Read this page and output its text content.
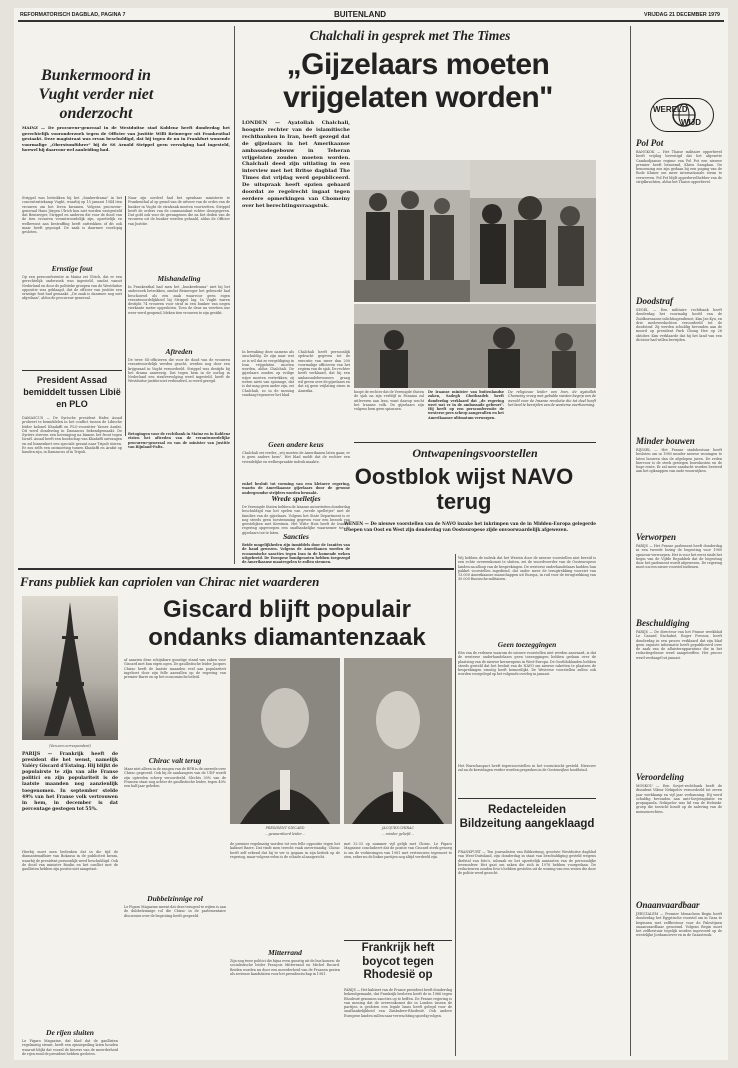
REFORMATORISCH DAGBLAD, PAGINA 7	BUITENLAND	VRIJDAG 21 DECEMBER 1979
Bunkermoord in Vught verder niet onderzocht
MAINZ — De procureur-generaal in de Westduitse stad Koblenz heeft donderdag het gerechtelijk vooronderzoek tegen de Officier van Justitie Willi Beinweger uit Frankenthal gestaakt. Deze magistraat was ervan beschuldigd, dat hij tegen de nu in Frankfurt wonende voormalige „Oberstumführer" bij de SS Arnold Strippel geen vervolging had ingesteld, hoewel hij daarvoor wel aanleiding had.
Strippel was betrokken bij het „bunkerdrama" in het concentratiekamp Vught, waarbij op 15 januari 1944 tien vrouwen om het leven kwamen. Volgens procureur-generaal Hans Jürgen Ulrich kon niet worden vastgesteld dat Beinweger, Strippel en anderen die voor de dood van de tien vrouwen verantwoordelijk zijn, opzettelijk en welbewust aan bestraffing heeft onttrokken of dit ook maar heeft gepoogd. De zaak is daarmee voorlopig gesloten.
Ernstige fout
Op een persconferentie in Mainz zei Ulrich, dat er een gerechtelijk onderzoek was ingesteld, omdat vanuit Nederland en door de politieke groepen van de Westduitse oppositie was geklaagd, dat de officier van justitie een ernstige fout had gemaakt. „De zaak is daarmee nog niet afgedaan", aldus de procureur-generaal.
Naar zijn oordeel had het openbaar ministerie te Frankenthal al op grond van de uitvoer van de ordes van de bunker in Vught de strafzaak moeten voortzetten. Strippel heeft de orders van de commandant echter doorgegeven. Dat gold ook voor de gevangenen die na het doden van de vrouwen uit de bunker werden gehaald, aldus de Officier van Justitie.
Mishandeling
In Frankenthal had men het „bunkerdrama" niet bij het onderzoek betrokken, omdat Beinweger het gebeurde had beschouwd als een zaak waarvoor geen eigen verantwoordelijkheid bij Strippel lag. In Vught waren destijds 74 vrouwen voor straf in een bunker van negen vierkante meter opgesloten. Toen de deur na veertien uur weer werd geopend, bleken tien vrouwen te zijn gestikt.
Aftreden
De twee SS-officieren die voor de dood van de vrouwen verantwoordelijk werden geacht, werden nog door een krijgsraad in Vught veroordeeld. Strippel was destijds bij het drama aanwezig. Dat tegen hem in de oorlog in Nederland een strafvervolging werd ingesteld, heeft de Westduitse justitie niet verhinderd, zo werd gezegd.
Betogingen voor de rechtbank in Mainz en in Koblenz eisten het aftreden van de verantwoordelijke procureur-generaal en van de minister van Justitie van Rijnland-Palts.
President Assad bemiddelt tussen Libië en PLO
DAMASCUS — De Syrische president Hafez Assad probeert te bemiddelen in het conflict tussen de Libische leider kolonel Khadaffi en PLO-voorzitter Yasser Arafat. Dit werd donderdag in Damascus bekendgemaakt. De Syriërs streven een hereniging na binnen het front tegen Israël. Assad heeft een boodschap van Khadaffi ontvangen en zal binnenkort een speciale gezant naar Tripoli sturen. Er zou zelfs een ontmoeting tussen Khadaffi en Arafat op handen zijn, in Damascus of in Tripoli.
Chalchali in gesprek met The Times
„Gijzelaars moeten vrijgelaten worden"
LONDEN — Ayatollah Chalchali, hoogste rechter van de islamitische rechtbanken in Iran, heeft gezegd dat de gijzelaars in het Amerikaanse ambassadegebouw in Teheran vrijgelaten zouden moeten worden. Chalchali deed zijn uitlating in een interview met het Britse dagblad The Times dat vrijdag werd gepubliceerd. De uitspraak heeft opzien gebaard doordat ze regelrecht ingaat tegen eerdere opmerkingen van Chomeiny over het berechtingsvraagstuk.
In bewaking deze namens als onschuldig. Ze zijn naar wat zo is wil dat ze vergeldiging in Iran vrijgelaten moeten worden, aldus Chalchali. De gijzelaars zouden op veilige wijze moeten vertrekken; zij weten niets van spionage, dat is dat mag geen ander zijn, zei Chalchali, zo in de mening vandaag tegenover het blad.
Chalchali heeft persoonlijk opdracht gegeven tot de executie van meer dan 200 voormalige officieren van het regiem van de sjah. De rechter heeft verklaard, dat hij een ambassadebewoners graag wil geven over de gijzelaars en dat zij geen vrijlating eisen in Amerika.
Geen andere keus
Chalchali zei verder, „wij moeten de Amerikanen laten gaan; er is geen andere keus". Het blad meldt dat de rechter een vriendelijke en welbespraakte indruk maakte.
hoopt de rechter dat de Verenigde Staten de sjah na zijn verblijf in Panama zal uitleveren aan Iran, want daarop wacht het Iraanse volk. De gijzelaars zijn volgens hem geen spionnen.
De Iraanse minister van buitenlandse zaken, Sadegh Ghotbzadeh heeft donderdag verklaard dat „de regering weet wat er in de ambassade gebeurt". Hij heeft op een persconferentie de westerse pers scherp aangevallen en het Amerikaanse ultimatum verworpen.
De religieuze leider van Iran, de ayatollah Chomeiny vroeg met gebalde vuisten begrip van de wereld voor de Iraanse revolutie die tot doel heeft het land te bevrijden van de westerse overheersing.
Ontwapeningsvoorstellen
Oostblok wijst NAVO terug
WENEN — De nieuwe voorstellen van de NAVO inzake het inkrimpen van de in Midden-Europa gelegerde troepen van Oost en West zijn donderdag van Oosteuropese zijde onvoorwaardelijk afgewezen.
Wij hebben de indruk dat het Westen door de nieuwe voorstellen niet bereid is een echte overeenkomst te sluiten, zei de woordvoerder van de Oosteuropese landen na afloop van de besprekingen. De westerse onderhandelaars hadden hun pakket voorstellen ingediend, dat onder meer de terugtrekking voorziet van 13.000 Amerikaanse manschappen uit Europa, in ruil voor de terugtrekking van 30.000 Russische militairen.
Geen toezeggingen
Eén van de redenen waarom de nieuwe voorstellen niet werden aanvaard, is dat de westerse onderhandelaars geen toezeggingen hebben gedaan over de plaatsing van de nieuwe kernwapens in West-Europa. De Oostbloklanden hebben steeds gesteld dat het besluit van de NAVO om nieuwe raketten te plaatsen de besprekingen ernstig heeft bemoeilijkt. De Westerse voorstellen zullen ook worden voorgelegd op het volgende overleg in januari.
Het Warschaupact heeft tegenvoorstellen in het vooruitzicht gesteld. Hierover zal na de kerstdagen verder worden gesproken in de Oostenrijkse hoofdstad.
WERELD
WIJD
Pol Pot
BANGKOK — Het Thaise militaire opperbevel heeft vrijdag bevestigd dat het afgezette Cambodjaanse regime van Pol Pot een nieuwe premier heeft benoemd, Khieu Samphan. De benoeming zou zijn gedaan bij een poging van de Rode Khmer om meer internationale steun te verwerven. Pol Pot blijft opperbevelhebber van de strijdkrachten, aldus het Thaise opperbevel.
Doodstraf
SEOEL — Een militaire rechtbank heeft donderdag het voormalig hoofd van de Zuidkoreaanse inlichtingendienst, Kim Jae Kyu, en drie medeverdachten veroordeeld tot de doodstraf. Zij werden schuldig bevonden aan de moord op president Park Chung Hee op 26 oktober. Kim verklaarde dat hij het land van een dictator had willen bevrijden.
Minder bouwen
RIJSSEL — Het Franse stadsbestuur heeft besloten om in 1980 minder nieuwe woningen te laten bouwen dan de afgelopen jaren. De reden hiervoor is de sterk gestegen bouwkosten en de hoge rente. Er zal meer aandacht worden besteed aan het opknappen van oude woonwijken.
Verworpen
PARIJS — Het Franse parlement heeft donderdag in een tweede lezing de begroting voor 1980 opnieuw verworpen. Het is voor het eerst sinds het begin van de Vijfde Republiek dat de begroting door het parlement wordt afgewezen. De regering moet nu een nieuw voorstel indienen.
Beschuldiging
PARIJS — De directeur van het Franse weekblad Le Canard Enchaîné, Roger Fressoz, heeft donderdag in een proces verklaard dat zijn blad geen onjuiste informatie heeft gepubliceerd over de zaak van de afluisterapparatuur die in het redactiegebouw werd aangetroffen. Het proces werd verdaagd tot januari.
Veroordeling
MOSKOU — Een Sovjet-rechtbank heeft de dissident Viktor Nekipelov veroordeeld tot zeven jaar werkkamp en vijf jaar verbanning. Hij werd schuldig bevonden aan anti-Sovjetagitatie en propaganda. Nekipelov was lid van de Helsinki-groep die toezicht houdt op de naleving van de mensenrechten.
Onaanvaardbaar
JERUZALEM — Premier Menachem Begin heeft donderdag het Egyptische voorstel om in Gaza te beginnen met zelfbestuur voor de Palestijnen onaanvaardbaar genoemd. Volgens Begin moet het zelfbestuur tegelijk worden ingevoerd op de westelijke Jordaanoever en in de Gazastrook.
Frans publiek kan capriolen van Chirac niet waarderen
Giscard blijft populair ondanks diamantenzaak
(Van een correspondent)
PARIJS — Frankrijk heeft de president die het wenst, namelijk Valéry Giscard d'Estaing. Hij blijkt de populairste te zijn van alle Franse politici en zijn populariteit is de laatste maanden nog aanzienlijk toegenomen. In september stelde 49% van het Franse volk vertrouwen in hem, in december is dat percentage gestegen tot 55%.
Hierbij moet men bedenken dat in die tijd de diamantenaffaire van Bokassa in de publiciteit kwam, waarbij de president persoonlijk werd beschuldigd. Ook de dood van minister Boulin en het conflict met de gaullisten hebben zijn positie niet aangetast.
De rijen sluiten
Le Figaro Magazine, dat blad dat de gaullisten regelmatig steunt, heeft een opiniepeiling laten houden waaruit blijkt dat vooral de kiezers van de meerderheid de rijen rond de president hebben gesloten.
af aanzien deze schijnbare gunstige stand van zaken voor Giscard met hun eigen ogen. De gaullistische leider Jacques Chirac heeft de laatste maanden veel aan populariteit ingeboet door zijn felle aanvallen op de regering van premier Barre en op het economische beleid.
PRESIDENT GISCARD
...gewaardeerd leider...
JACQUES CHIRAC
...minder geliefd...
Chirac valt terug
Maar niet alleen in de rangen van de RPR is de onvrede over Chirac gegroeid. Ook bij de aanhangers van de UDF wordt zijn optreden scherp veroordeeld. Slechts 30% van de Fransen staat nog achter de gaullistische leider, tegen 40% een half jaar geleden.
Dubbelzinnige rol
Le Figaro Magazine meent dat deze terugval te wijten is aan de dubbelzinnige rol die Chirac in de parlementaire discussies over de begroting heeft gespeeld.
de premier regelmatig worden tot een felle oppositie tegen het kabinet Barre. Dat vindt men terecht vaak onverstandig. Chirac heeft zelf erkend dat hij te ver is gegaan in zijn kritiek op de regering, maar volgens velen is de schade al aangericht.
Mitterrand
Zijn nog twee politici die bijna even gunstig uit de bus komen: de socialistische leider François Mitterrand en Michel Rocard. Beiden worden nu door een meerderheid van de Fransen gezien als serieuze kandidaten voor het presidentschap in 1981.
met 32-33 op nummer vijf gelijk met Chirac. Le Figaro Magazine concludeert dat de positie van Giscard sterk genoeg is om de verkiezingen van 1981 met vertrouwen tegemoet te zien, zeker nu de linkse partijen nog altijd verdeeld zijn.
Frankrijk heft boycot tegen Rhodesië op
PARIJS — Het kabinet van de Franse president heeft donderdag bekendgemaakt, dat Frankrijk besloten heeft de in 1966 tegen Rhodesië genomen sancties op te heffen. De Franse regering is van mening dat de overeenkomst die in Londen tussen de partijen is gesloten een legale basis heeft gelegd voor de onafhankelijkheid van Zimbabwe-Rhodesië. Ook andere Europese landen zullen naar verwachting spoedig volgen.
Redacteleiden Bildzeitung aangeklaagd
FRANKFURT — Ten journalisten van Bildzeitung, grootste Westduitse dagblad van West-Duitsland, zijn donderdag in staat van beschuldiging gesteld wegens diefstal van foto's, inbraak en het opzettelijk aantasten van de persoonlijke levenssfeer. Het gaat om zaken die zich in 1976 hebben voorgedaan. De redacteuren zouden foto's hebben gestolen uit de woning van een vrouw die door de politie werd gezocht.
enkel besluit tot vorming van een kleinere regering, waarin de Amerikaanse gijzelaars door de gewone ondergrondse strijders worden bewaakt.
Wrede spelletjes
De Verenigde Staten hebben de Iraanse autoriteiten donderdag beschuldigd van het spelen van „wrede spelletjes" met de families van de gijzelaars. Volgens het State Department is er nog steeds geen toestemming gegeven voor een bezoek van geestelijken met Kerstmis. Het Witte Huis heeft de Iraanse regering opgeroepen een onafhankelijke waarnemer tot de gijzelaars toe te laten. Sancties
Beide mogelijkheden zijn inmiddels door de Iraniërs van de hand gewezen. Volgens de Amerikanen worden de economische sancties tegen Iran in de komende weken uitgebreid. De Europese bondgenoten hebben toegezegd de Amerikaanse maatregelen te zullen steunen.
